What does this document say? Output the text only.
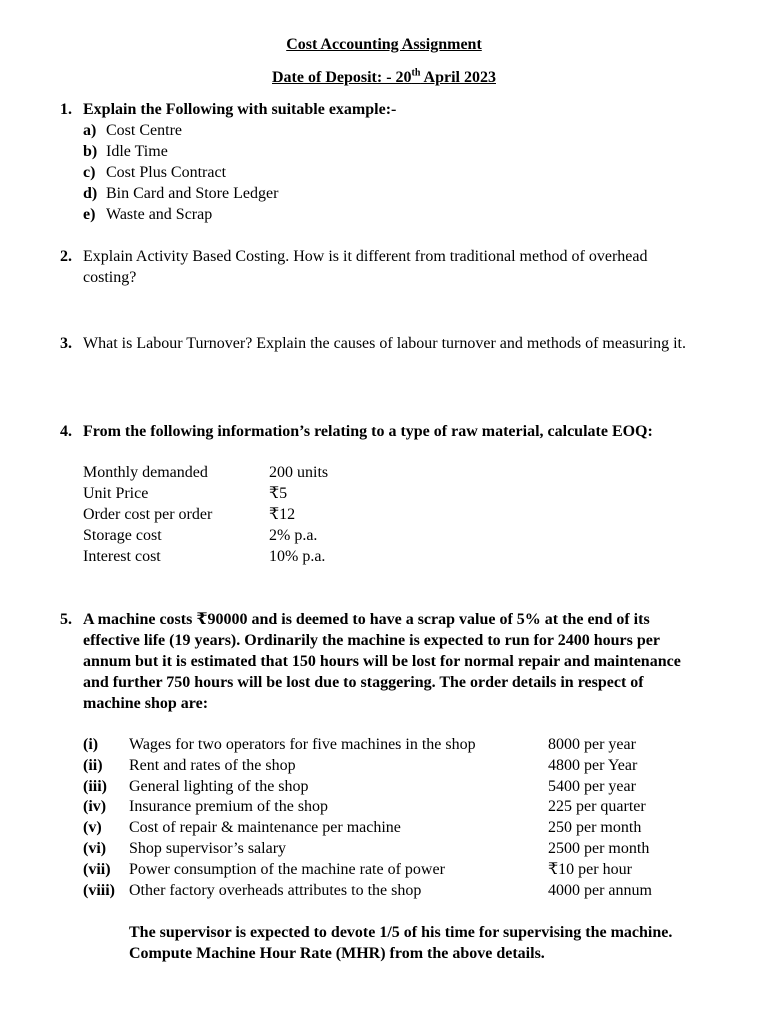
Cost Accounting Assignment
Date of Deposit: - 20th April 2023
1. Explain the Following with suitable example:-
a) Cost Centre
b) Idle Time
c) Cost Plus Contract
d) Bin Card and Store Ledger
e) Waste and Scrap
2. Explain Activity Based Costing. How is it different from traditional method of overhead
costing?
3. What is Labour Turnover? Explain the causes of labour turnover and methods of measuring it.
4. From the following information’s relating to a type of raw material, calculate EOQ:
Monthly demanded	200 units
Unit Price	₹5
Order cost per order	₹12
Storage cost	2% p.a.
Interest cost	10% p.a.
5. A machine costs ₹90000 and is deemed to have a scrap value of 5% at the end of its
effective life (19 years). Ordinarily the machine is expected to run for 2400 hours per
annum but it is estimated that 150 hours will be lost for normal repair and maintenance
and further 750 hours will be lost due to staggering. The order details in respect of
machine shop are:
(i) Wages for two operators for five machines in the shop	8000 per year
(ii) Rent and rates of the shop	4800 per Year
(iii) General lighting of the shop	5400 per year
(iv) Insurance premium of the shop	225 per quarter
(v) Cost of repair & maintenance per machine	250 per month
(vi) Shop supervisor’s salary	2500 per month
(vii) Power consumption of the machine rate of power	₹10 per hour
(viii) Other factory overheads attributes to the shop	4000 per annum
The supervisor is expected to devote 1/5 of his time for supervising the machine.
Compute Machine Hour Rate (MHR) from the above details.
